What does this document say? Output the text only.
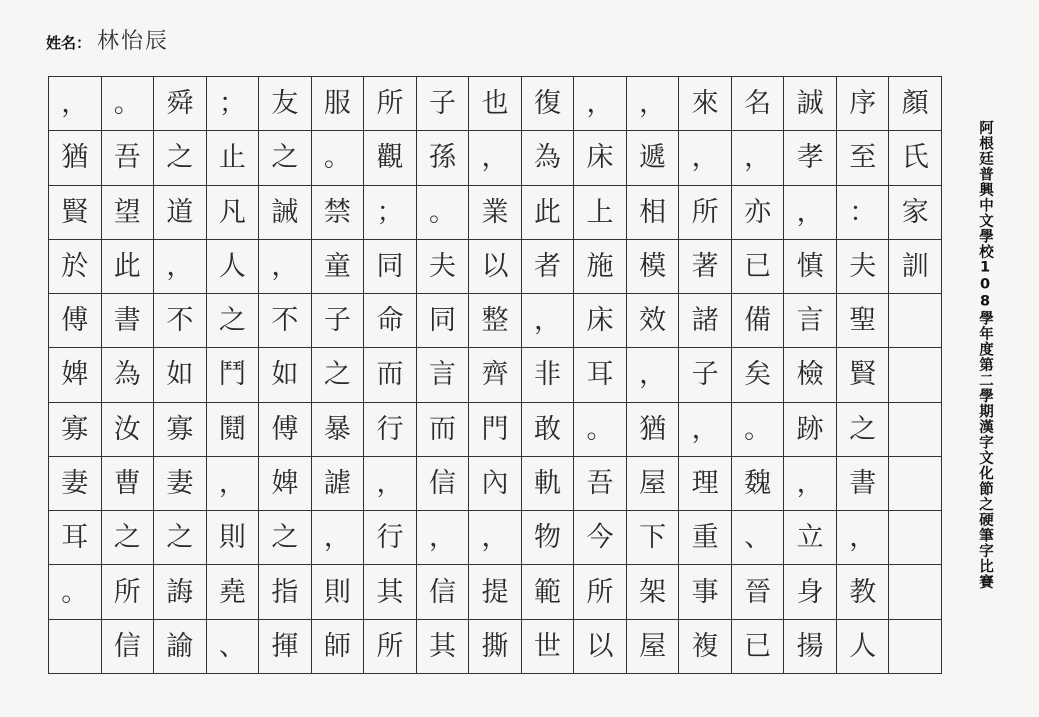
姓名： 林怡辰
，
猶
賢
於
傅
婢
寡
妻
耳
。
。
吾
望
此
書
為
汝
曹
之
所
信
舜
之
道
，
不
如
寡
妻
之
誨
諭
；
止
凡
人
之
鬥
鬩
，
則
堯
、
友
之
誡
，
不
如
傅
婢
之
指
揮
服
。
禁
童
子
之
暴
謔
，
則
師
所
觀
；
同
命
而
行
，
行
其
所
子
孫
。
夫
同
言
而
信
，
信
其
也
，
業
以
整
齊
門
內
，
提
撕
復
為
此
者
，
非
敢
軌
物
範
世
，
床
上
施
床
耳
。
吾
今
所
以
，
遞
相
模
效
，
猶
屋
下
架
屋
來
，
所
著
諸
子
，
理
重
事
複
名
，
亦
已
備
矣
。
魏
、
晉
已
誠
孝
，
慎
言
檢
跡
，
立
身
揚
序
至
：
夫
聖
賢
之
書
，
教
人
顏
氏
家
訓	阿根廷普興中文學校108學年度第二學期漢字文化節之硬筆字比賽
